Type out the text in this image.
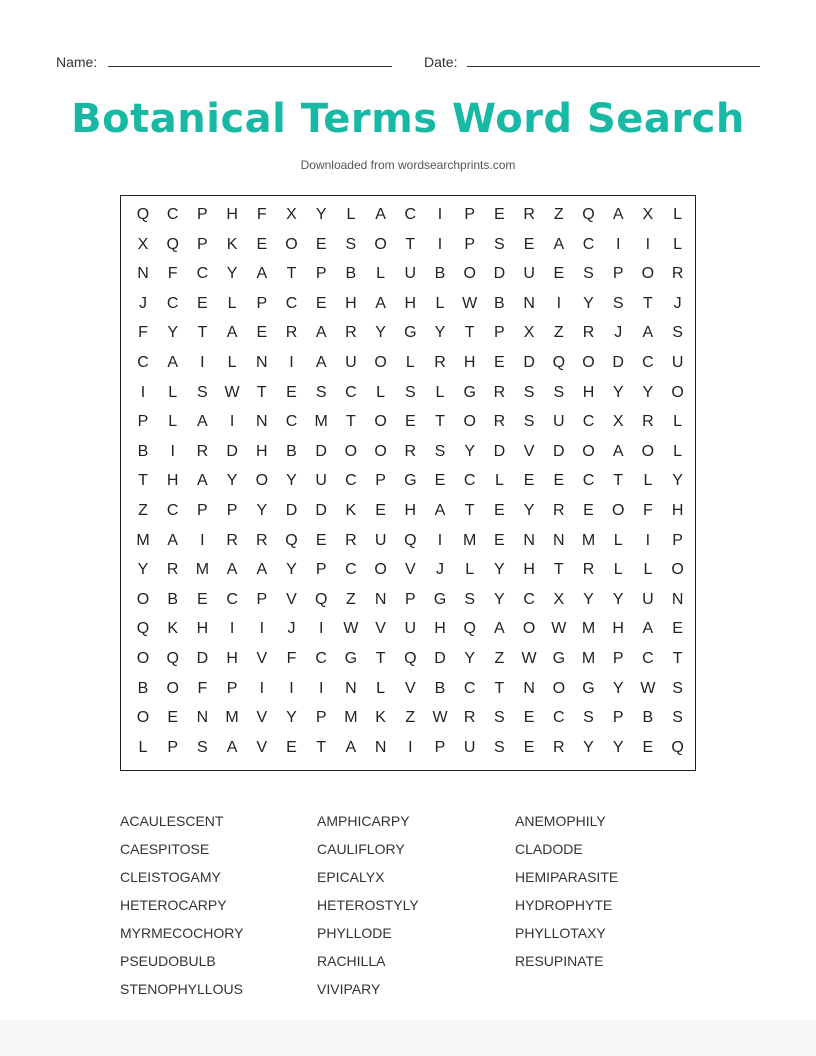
Name:	Date:
Botanical Terms Word Search
Downloaded from wordsearchprints.com
Q	C	P	H	F	X	Y	L	A	C	I	P	E	R	Z	Q	A	X	L
X	Q	P	K	E	O	E	S	O	T	I	P	S	E	A	C	I	I	L
N	F	C	Y	A	T	P	B	L	U	B	O	D	U	E	S	P	O	R
J	C	E	L	P	C	E	H	A	H	L	W	B	N	I	Y	S	T	J
F	Y	T	A	E	R	A	R	Y	G	Y	T	P	X	Z	R	J	A	S
C	A	I	L	N	I	A	U	O	L	R	H	E	D	Q	O	D	C	U
I	L	S	W	T	E	S	C	L	S	L	G	R	S	S	H	Y	Y	O
P	L	A	I	N	C	M	T	O	E	T	O	R	S	U	C	X	R	L
B	I	R	D	H	B	D	O	O	R	S	Y	D	V	D	O	A	O	L
T	H	A	Y	O	Y	U	C	P	G	E	C	L	E	E	C	T	L	Y
Z	C	P	P	Y	D	D	K	E	H	A	T	E	Y	R	E	O	F	H
M	A	I	R	R	Q	E	R	U	Q	I	M	E	N	N	M	L	I	P
Y	R	M	A	A	Y	P	C	O	V	J	L	Y	H	T	R	L	L	O
O	B	E	C	P	V	Q	Z	N	P	G	S	Y	C	X	Y	Y	U	N
Q	K	H	I	I	J	I	W	V	U	H	Q	A	O W M	H	A	E
O	Q	D	H	V	F	C	G	T	Q	D	Y	Z	W G	M	P	C	T
B	O	F	P	I	I	I	N	L	V	B	C	T	N	O	G	Y	W	S
O	E	N	M	V	Y	P	M	K	Z	W	R	S	E	C	S	P	B	S
L	P	S	A	V	E	T	A	N	I	P	U	S	E	R	Y	Y	E	Q
ACAULESCENT	AMPHICARPY	ANEMOPHILY
CAESPITOSE	CAULIFLORY	CLADODE
CLEISTOGAMY	EPICALYX	HEMIPARASITE
HETEROCARPY	HETEROSTYLY	HYDROPHYTE
MYRMECOCHORY	PHYLLODE	PHYLLOTAXY
PSEUDOBULB	RACHILLA	RESUPINATE
STENOPHYLLOUS	VIVIPARY
